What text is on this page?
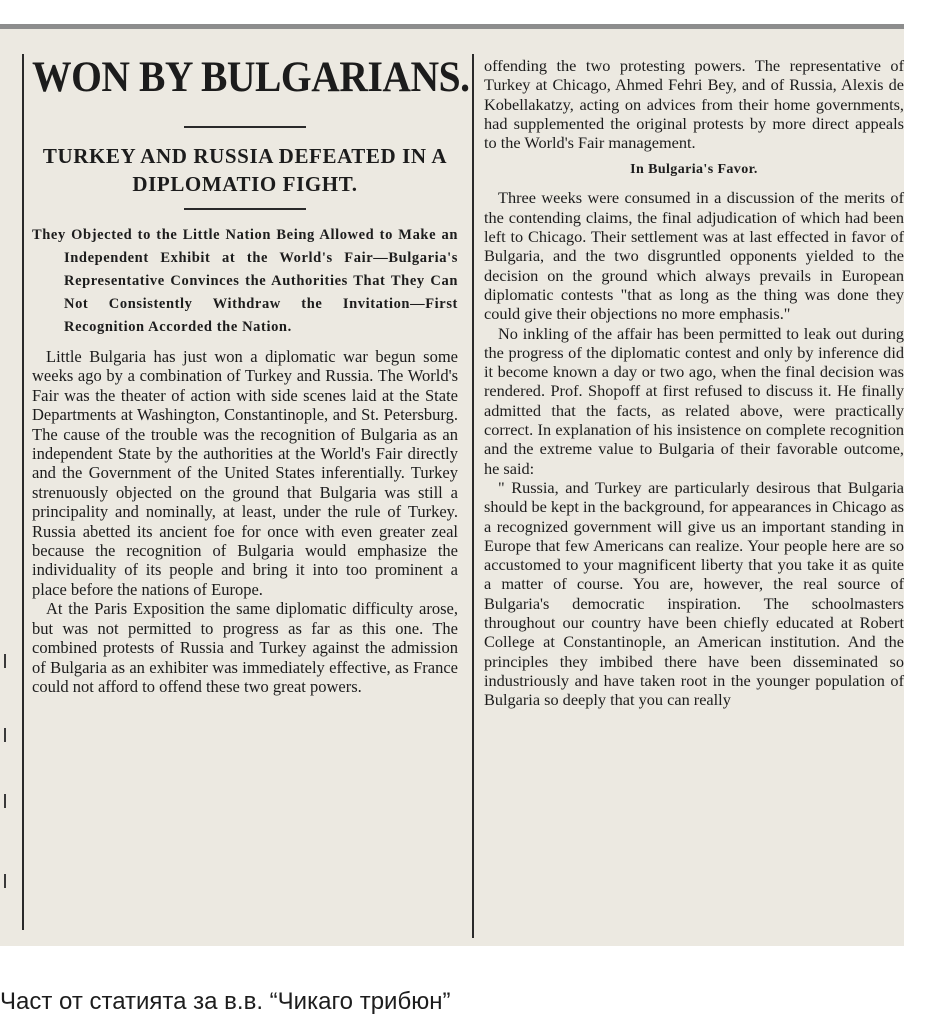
WON BY BULGARIANS.

TURKEY AND RUSSIA DEFEATED IN A DIPLOMATIO FIGHT.

They Objected to the Little Nation Being Allowed to Make an Independent Exhibit at the World's Fair—Bulgaria's Representative Convinces the Authorities That They Can Not Consistently Withdraw the Invitation—First Recognition Accorded the Nation.

Little Bulgaria has just won a diplomatic war begun some weeks ago by a combination of Turkey and Russia. The World's Fair was the theater of action with side scenes laid at the State Departments at Washington, Constantinople, and St. Petersburg. The cause of the trouble was the recognition of Bulgaria as an independent State by the authorities at the World's Fair directly and the Government of the United States inferentially. Turkey strenuously objected on the ground that Bulgaria was still a principality and nominally, at least, under the rule of Turkey. Russia abetted its ancient foe for once with even greater zeal because the recognition of Bulgaria would emphasize the individuality of its people and bring it into too prominent a place before the nations of Europe.

At the Paris Exposition the same diplomatic difficulty arose, but was not permitted to progress as far as this one. The combined protests of Russia and Turkey against the admission of Bulgaria as an exhibiter was immediately effective, as France could not afford to offend these two great powers.

offending the two protesting powers. The representative of Turkey at Chicago, Ahmed Fehri Bey, and of Russia, Alexis de Kobellakatzy, acting on advices from their home governments, had supplemented the original protests by more direct appeals to the World's Fair management.

In Bulgaria's Favor.

Three weeks were consumed in a discussion of the merits of the contending claims, the final adjudication of which had been left to Chicago. Their settlement was at last effected in favor of Bulgaria, and the two disgruntled opponents yielded to the decision on the ground which always prevails in European diplomatic contests "that as long as the thing was done they could give their objections no more emphasis."

No inkling of the affair has been permitted to leak out during the progress of the diplomatic contest and only by inference did it become known a day or two ago, when the final decision was rendered. Prof. Shopoff at first refused to discuss it. He finally admitted that the facts, as related above, were practically correct. In explanation of his insistence on complete recognition and the extreme value to Bulgaria of their favorable outcome, he said:

" Russia, and Turkey are particularly desirous that Bulgaria should be kept in the background, for appearances in Chicago as a recognized government will give us an important standing in Europe that few Americans can realize. Your people here are so accustomed to your magnificent liberty that you take it as quite a matter of course. You are, however, the real source of Bulgaria's democratic inspiration. The schoolmasters throughout our country have been chiefly educated at Robert College at Constantinople, an American institution. And the principles they imbibed there have been disseminated so industriously and have taken root in the younger population of Bulgaria so deeply that you can really

Част от статията за в.в. “Чикаго трибюн”
